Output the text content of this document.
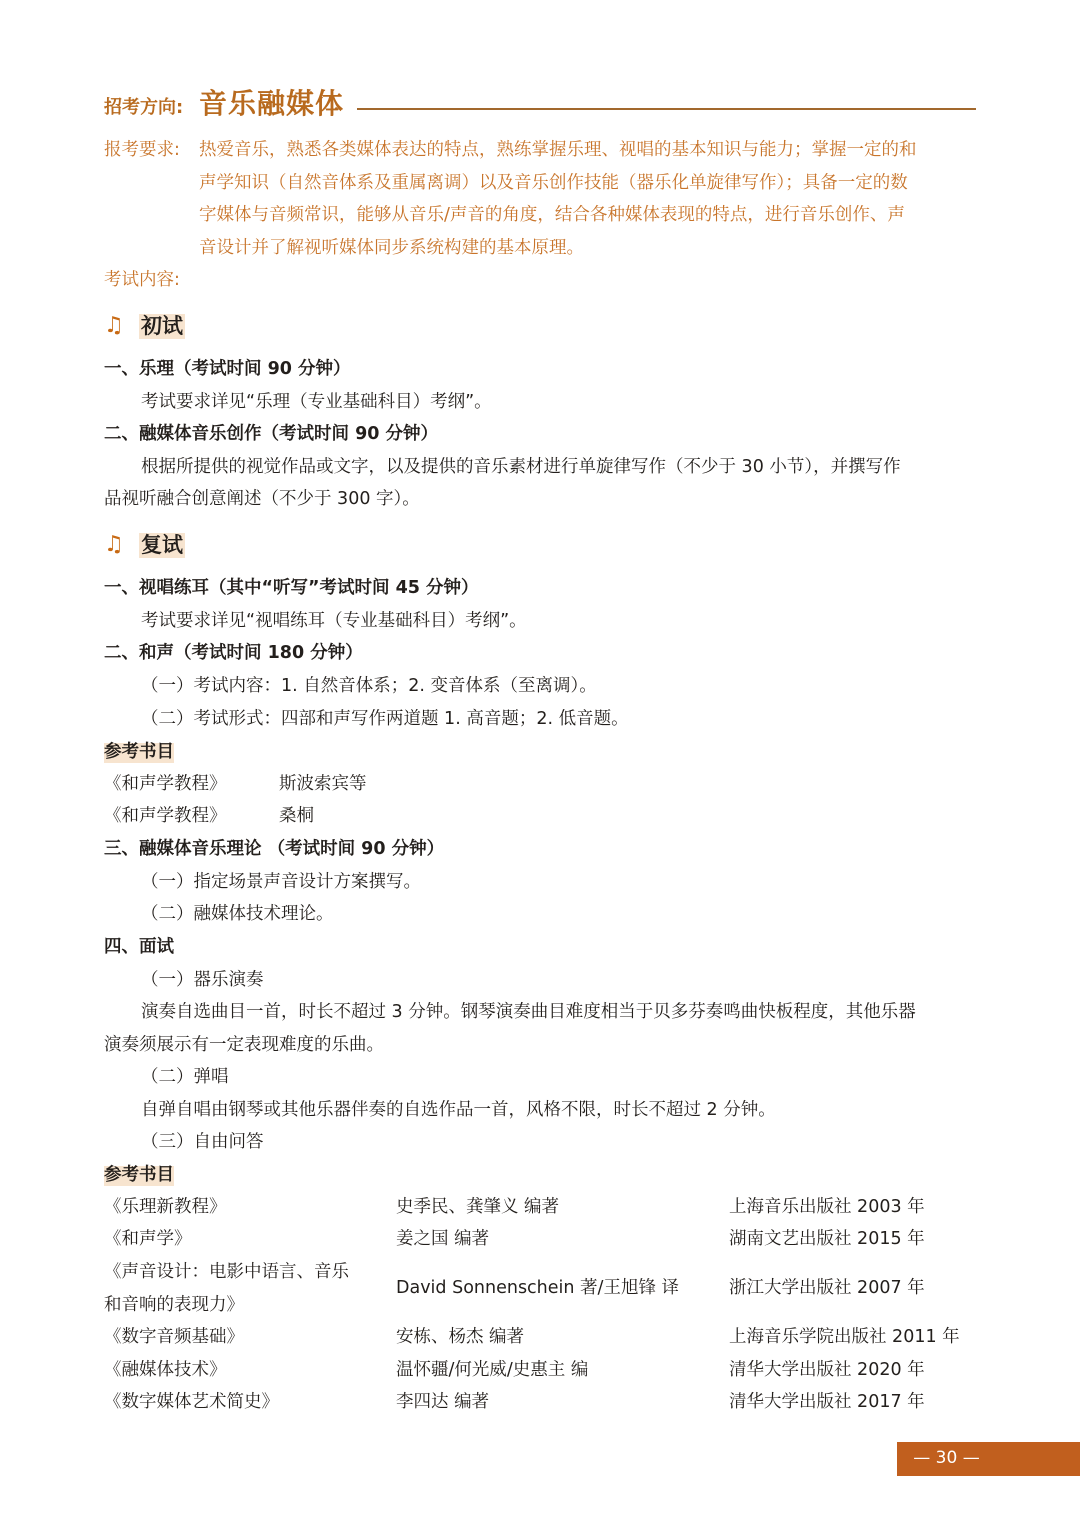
招考方向: 音乐融媒体
报考要求: 热爱音乐，熟悉各类媒体表达的特点，熟练掌握乐理、视唱的基本知识与能力；掌握一定的和
声学知识（自然音体系及重属离调）以及音乐创作技能（器乐化单旋律写作）；具备一定的数
字媒体与音频常识，能够从音乐/声音的角度，结合各种媒体表现的特点，进行音乐创作、声
音设计并了解视听媒体同步系统构建的基本原理。
考试内容:
♫ 初试
一、乐理（考试时间 90 分钟）
考试要求详见“乐理（专业基础科目）考纲”。
二、融媒体音乐创作（考试时间 90 分钟）
根据所提供的视觉作品或文字，以及提供的音乐素材进行单旋律写作（不少于 30 小节），并撰写作
品视听融合创意阐述（不少于 300 字）。
♫ 复试
一、视唱练耳（其中“听写”考试时间 45 分钟）
考试要求详见“视唱练耳（专业基础科目）考纲”。
二、和声（考试时间 180 分钟）
（一）考试内容：1. 自然音体系；2. 变音体系（至离调）。
（二）考试形式：四部和声写作两道题 1. 高音题；2. 低音题。
参考书目
《和声学教程》	斯波索宾等
《和声学教程》	桑桐
三、融媒体音乐理论 （考试时间 90 分钟）
（一）指定场景声音设计方案撰写。
（二）融媒体技术理论。
四、面试
（一）器乐演奏
演奏自选曲目一首，时长不超过 3 分钟。钢琴演奏曲目难度相当于贝多芬奏鸣曲快板程度，其他乐器
演奏须展示有一定表现难度的乐曲。
（二）弹唱
自弹自唱由钢琴或其他乐器伴奏的自选作品一首，风格不限，时长不超过 2 分钟。
（三）自由问答
参考书目
《乐理新教程》	史季民、龚肇义 编著	上海音乐出版社 2003 年
《和声学》	姜之国 编著	湖南文艺出版社 2015 年
《声音设计：电影中语言、音乐
和音响的表现力》
David Sonnenschein 著/王旭锋 译	浙江大学出版社 2007 年
《数字音频基础》	安栋、杨杰 编著	上海音乐学院出版社 2011 年
《融媒体技术》	温怀疆/何光威/史惠主 编	清华大学出版社 2020 年
《数字媒体艺术简史》	李四达 编著	清华大学出版社 2017 年
— 30 —
